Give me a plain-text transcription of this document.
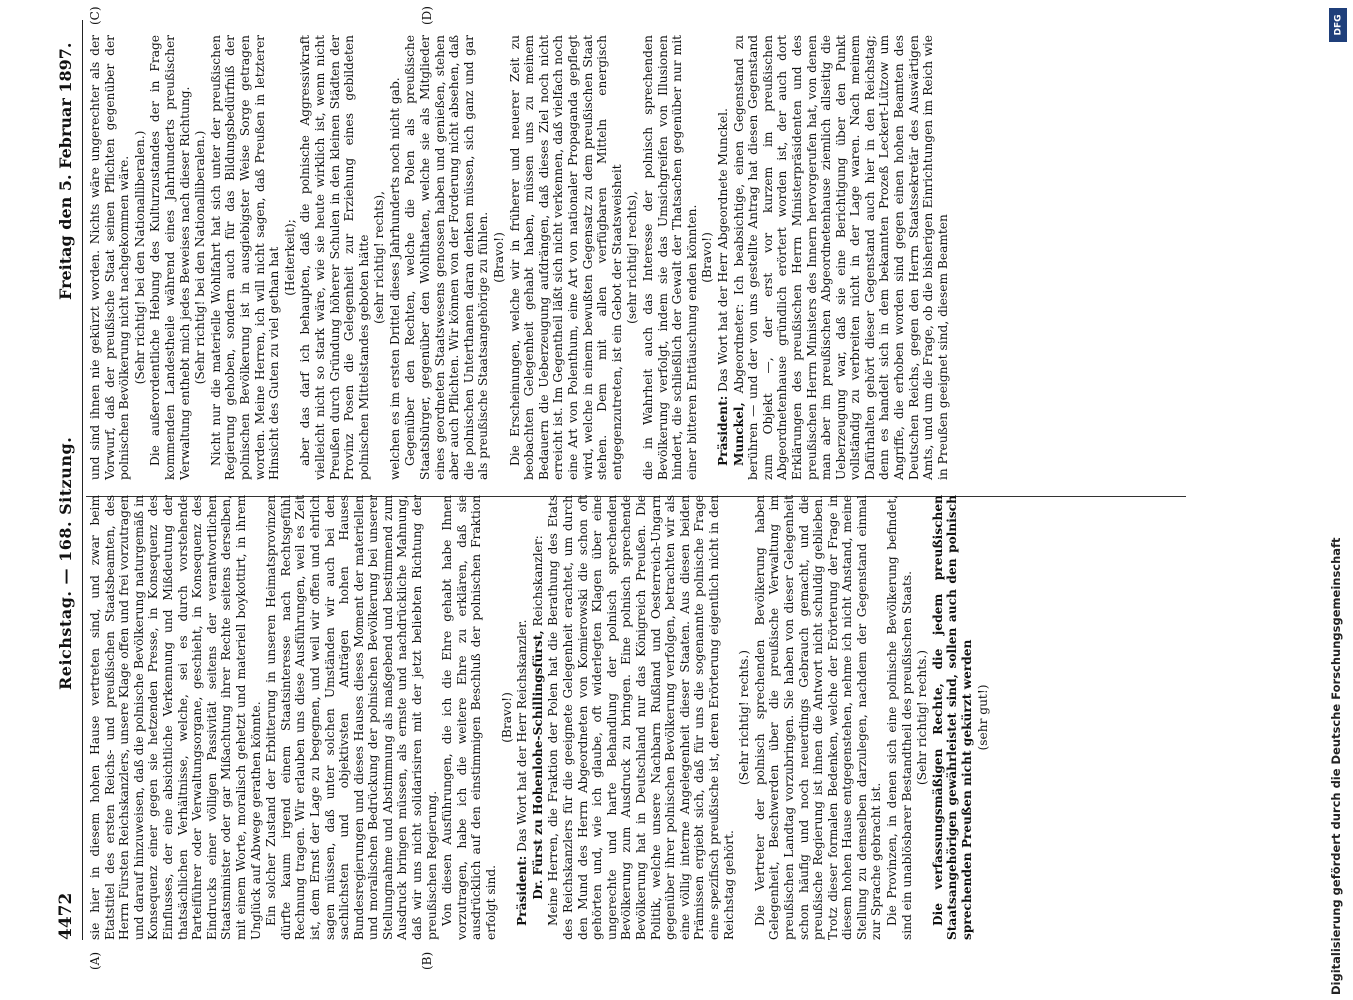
4472
Reichstag. — 168. Sitzung.
Freitag den 5. Februar 1897.
(A)	(B)
(C)	(D)

sie hier in diesem hohen Hause vertreten sind, und zwar beim Etatstitel des ersten Reichs- und preußischen Staatsbeamten, des Herrn Fürsten Reichskanzlers, unsere Klage offen und frei vorzutragen und darauf hinzuweisen, daß die polnische Bevölkerung naturgemäß in Konsequenz einer gegen sie hetzenden Presse, in Konsequenz des Einflusses, der eine absichtliche Verkennung und Mißdeutung der thatsächlichen Verhältnisse, welche, sei es durch vorstehende Parteiführer oder Verwaltungsorgane, geschieht, in Konsequenz des Eindrucks einer völligen Passivität seitens der verantwortlichen Staatsminister oder gar Mißachtung ihrer Rechte seitens derselben, mit einem Worte, moralisch gehetzt und materiell boykottirt, in ihrem Unglück auf Abwege gerathen könnte. Ein solcher Zustand der Erbitterung in unseren Heimatsprovinzen dürfte kaum irgend einem Staatsinteresse nach Rechtsgefühl Rechnung tragen. Wir erlauben uns diese Ausführungen, weil es Zeit ist, dem Ernst der Lage zu begegnen, und weil wir offen und ehrlich sagen müssen, daß unter solchen Umständen wir auch bei den sachlichsten und objektivsten Anträgen hohen Hauses Bundesregierungen und dieses Hauses dieses Moment der materiellen und moralischen Bedrückung der polnischen Bevölkerung bei unserer Stellungnahme und Abstimmung als maßgebend und bestimmend zum Ausdruck bringen müssen, als ernste und nachdrückliche Mahnung, daß wir uns nicht solidarisiren mit der jetzt beliebten Richtung der preußischen Regierung. Von diesen Ausführungen, die ich die Ehre gehabt habe Ihnen vorzutragen, habe ich die weitere Ehre zu erklären, daß sie ausdrücklich auf den einstimmigen Beschluß der polnischen Fraktion erfolgt sind.

(Bravo!)

Präsident: Das Wort hat der Herr Reichskanzler. Dr. Fürst zu Hohenlohe-Schillingsfürst, Reichskanzler: Meine Herren, die Fraktion der Polen hat die Berathung des Etats des Reichskanzlers für die geeignete Gelegenheit erachtet, um durch den Mund des Herrn Abgeordneten von Komierowski die schon oft gehörten und, wie ich glaube, oft widerlegten Klagen über eine ungerechte und harte Behandlung der polnisch sprechenden Bevölkerung zum Ausdruck zu bringen. Eine polnisch sprechende Bevölkerung hat in Deutschland nur das Königreich Preußen. Die Politik, welche unsere Nachbarn Rußland und Oesterreich-Ungarn gegenüber ihrer polnischen Bevölkerung verfolgen, betrachten wir als eine völlig interne Angelegenheit dieser Staaten. Aus diesen beiden Prämissen ergiebt sich, daß für uns die sogenannte polnische Frage eine spezifisch preußische ist, deren Erörterung eigentlich nicht in den Reichstag gehört.

(Sehr richtig! rechts.) Die Vertreter der polnisch sprechenden Bevölkerung haben Gelegenheit, Beschwerden über die preußische Verwaltung im preußischen Landtag vorzubringen. Sie haben von dieser Gelegenheit schon häufig und noch neuerdings Gebrauch gemacht, und die preußische Regierung ist ihnen die Antwort nicht schuldig geblieben. Trotz dieser formalen Bedenken, welche der Erörterung der Frage in diesem hohen Hause entgegenstehen, nehme ich nicht Anstand, meine Stellung zu demselben darzulegen, nachdem der Gegenstand einmal zur Sprache gebracht ist. Die Provinzen, in denen sich eine polnische Bevölkerung befindet, sind ein unablösbarer Bestandtheil des preußischen Staats. (Sehr richtig! rechts.) Die verfassungsmäßigen Rechte, die jedem preußischen Staatsangehörigen gewährleistet sind, sollen auch den polnisch sprechenden Preußen nicht gekürzt werden (sehr gut!)

und sind ihnen nie gekürzt worden. Nichts wäre ungerechter als der Vorwurf, daß der preußische Staat seinen Pflichten gegenüber der polnischen Bevölkerung nicht nachgekommen wäre. (Sehr richtig! bei den Nationalliberalen.) Die außerordentliche Hebung des Kulturzustandes der in Frage kommenden Landestheile während eines Jahrhunderts preußischer Verwaltung enthebt mich jedes Beweises nach dieser Richtung. (Sehr richtig! bei den Nationalliberalen.) Nicht nur die materielle Wohlfahrt hat sich unter der preußischen Regierung gehoben, sondern auch für das Bildungsbedürfniß der polnischen Bevölkerung ist in ausgiebigster Weise Sorge getragen worden. Meine Herren, ich will nicht sagen, daß Preußen in letzterer Hinsicht des Guten zu viel gethan hat (Heiterkeit); aber das darf ich behaupten, daß die polnische Aggressivkraft vielleicht nicht so stark wäre, wie sie heute wirklich ist, wenn nicht Preußen durch Gründung höherer Schulen in den kleinen Städten der Provinz Posen die Gelegenheit zur Erziehung eines gebildeten polnischen Mittelstandes geboten hätte (sehr richtig! rechts), welchen es im ersten Drittel dieses Jahrhunderts noch nicht gab. Gegenüber den Rechten, welche die Polen als preußische Staatsbürger, gegenüber den Wohlthaten, welche sie als Mitglieder eines geordneten Staatswesens genossen haben und genießen, stehen aber auch Pflichten. Wir können von der Forderung nicht absehen, daß die polnischen Unterthanen daran denken müssen, sich ganz und gar als preußische Staatsangehörige zu fühlen. (Bravo!) Die Erscheinungen, welche wir in früherer und neuerer Zeit zu beobachten Gelegenheit gehabt haben, müssen uns zu meinem Bedauern die Ueberzeugung aufdrängen, daß dieses Ziel noch nicht erreicht ist. Im Gegentheil läßt sich nicht verkennen, daß vielfach noch eine Art von Polenthum, eine Art von nationaler Propaganda gepflegt wird, welche in einem bewußten Gegensatz zu dem preußischen Staat stehen. Dem mit allen verfügbaren Mitteln energisch entgegenzutreten, ist ein Gebot der Staatsweisheit (sehr richtig! rechts), die in Wahrheit auch das Interesse der polnisch sprechenden Bevölkerung verfolgt, indem sie das Umsichgreifen von Illusionen hindert, die schließlich der Gewalt der Thatsachen gegenüber nur mit einer bitteren Enttäuschung enden könnten. (Bravo!)

Präsident: Das Wort hat der Herr Abgeordnete Munckel.

Munckel, Abgeordneter: Ich beabsichtige, einen Gegenstand zu berühren — und der von uns gestellte Antrag hat diesen Gegenstand zum Objekt —, der erst vor kurzem im preußischen Abgeordnetenhause gründlich erörtert worden ist, der auch dort Erklärungen des preußischen Herrn Ministerpräsidenten und des preußischen Herrn Ministers des Innern hervorgerufen hat, von denen man aber im preußischen Abgeordnetenhause ziemlich allseitig die Ueberzeugung war, daß sie eine Berichtigung über den Punkt vollständig zu verbreiten nicht in der Lage waren. Nach meinem Dafürhalten gehört dieser Gegenstand auch hier in den Reichstag; denn es handelt sich in dem bekannten Prozeß Leckert-Lützow um Angriffe, die erhoben worden sind gegen einen hohen Beamten des Deutschen Reichs, gegen den Herrn Staatssekretär des Auswärtigen Amts, und um die Frage, ob die bisherigen Einrichtungen im Reich wie in Preußen geeignet sind, diesem Beamten

DFG
Digitalisierung gefördert durch die Deutsche Forschungsgemeinschaft
